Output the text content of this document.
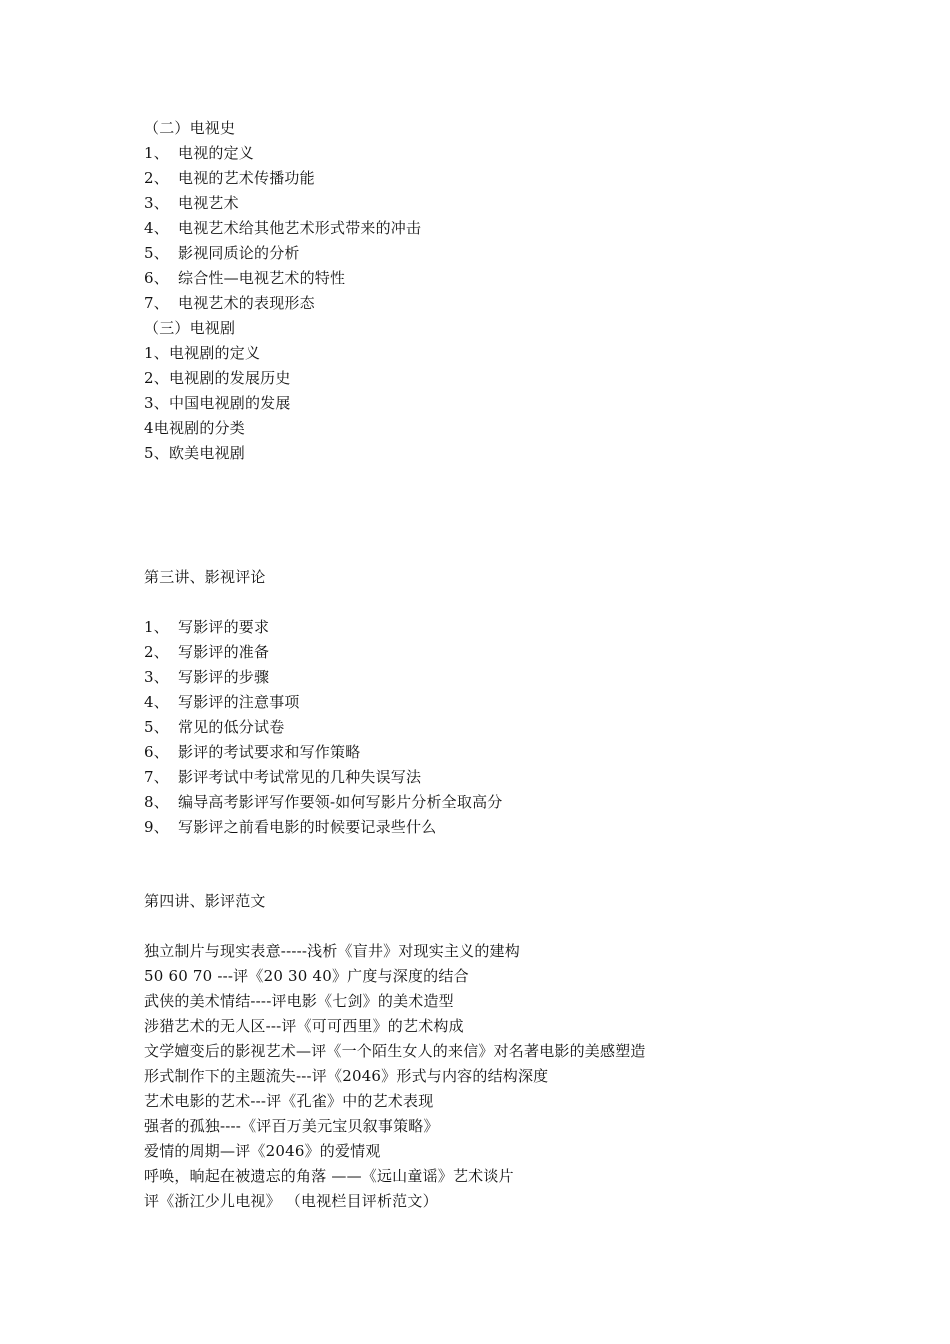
（二）电视史
1、 电视的定义
2、 电视的艺术传播功能
3、 电视艺术
4、 电视艺术给其他艺术形式带来的冲击
5、 影视同质论的分析
6、 综合性—电视艺术的特性
7、 电视艺术的表现形态
（三）电视剧
1、电视剧的定义
2、电视剧的发展历史
3、中国电视剧的发展
4电视剧的分类
5、欧美电视剧
第三讲、影视评论
1、 写影评的要求
2、 写影评的准备
3、 写影评的步骤
4、 写影评的注意事项
5、 常见的低分试卷
6、 影评的考试要求和写作策略
7、 影评考试中考试常见的几种失误写法
8、 编导高考影评写作要领-如何写影片分析全取高分
9、 写影评之前看电影的时候要记录些什么
第四讲、影评范文
独立制片与现实表意-----浅析《盲井》对现实主义的建构
50 60 70 ---评《20 30 40》广度与深度的结合
武侠的美术情结----评电影《七剑》的美术造型
涉猎艺术的无人区---评《可可西里》的艺术构成
文学嬗变后的影视艺术—评《一个陌生女人的来信》对名著电影的美感塑造
形式制作下的主题流失---评《2046》形式与内容的结构深度
艺术电影的艺术---评《孔雀》中的艺术表现
强者的孤独----《评百万美元宝贝叙事策略》
爱情的周期—评《2046》的爱情观
呼唤，晌起在被遗忘的角落 ——《远山童谣》艺术谈片
评《浙江少儿电视》 （电视栏目评析范文）
